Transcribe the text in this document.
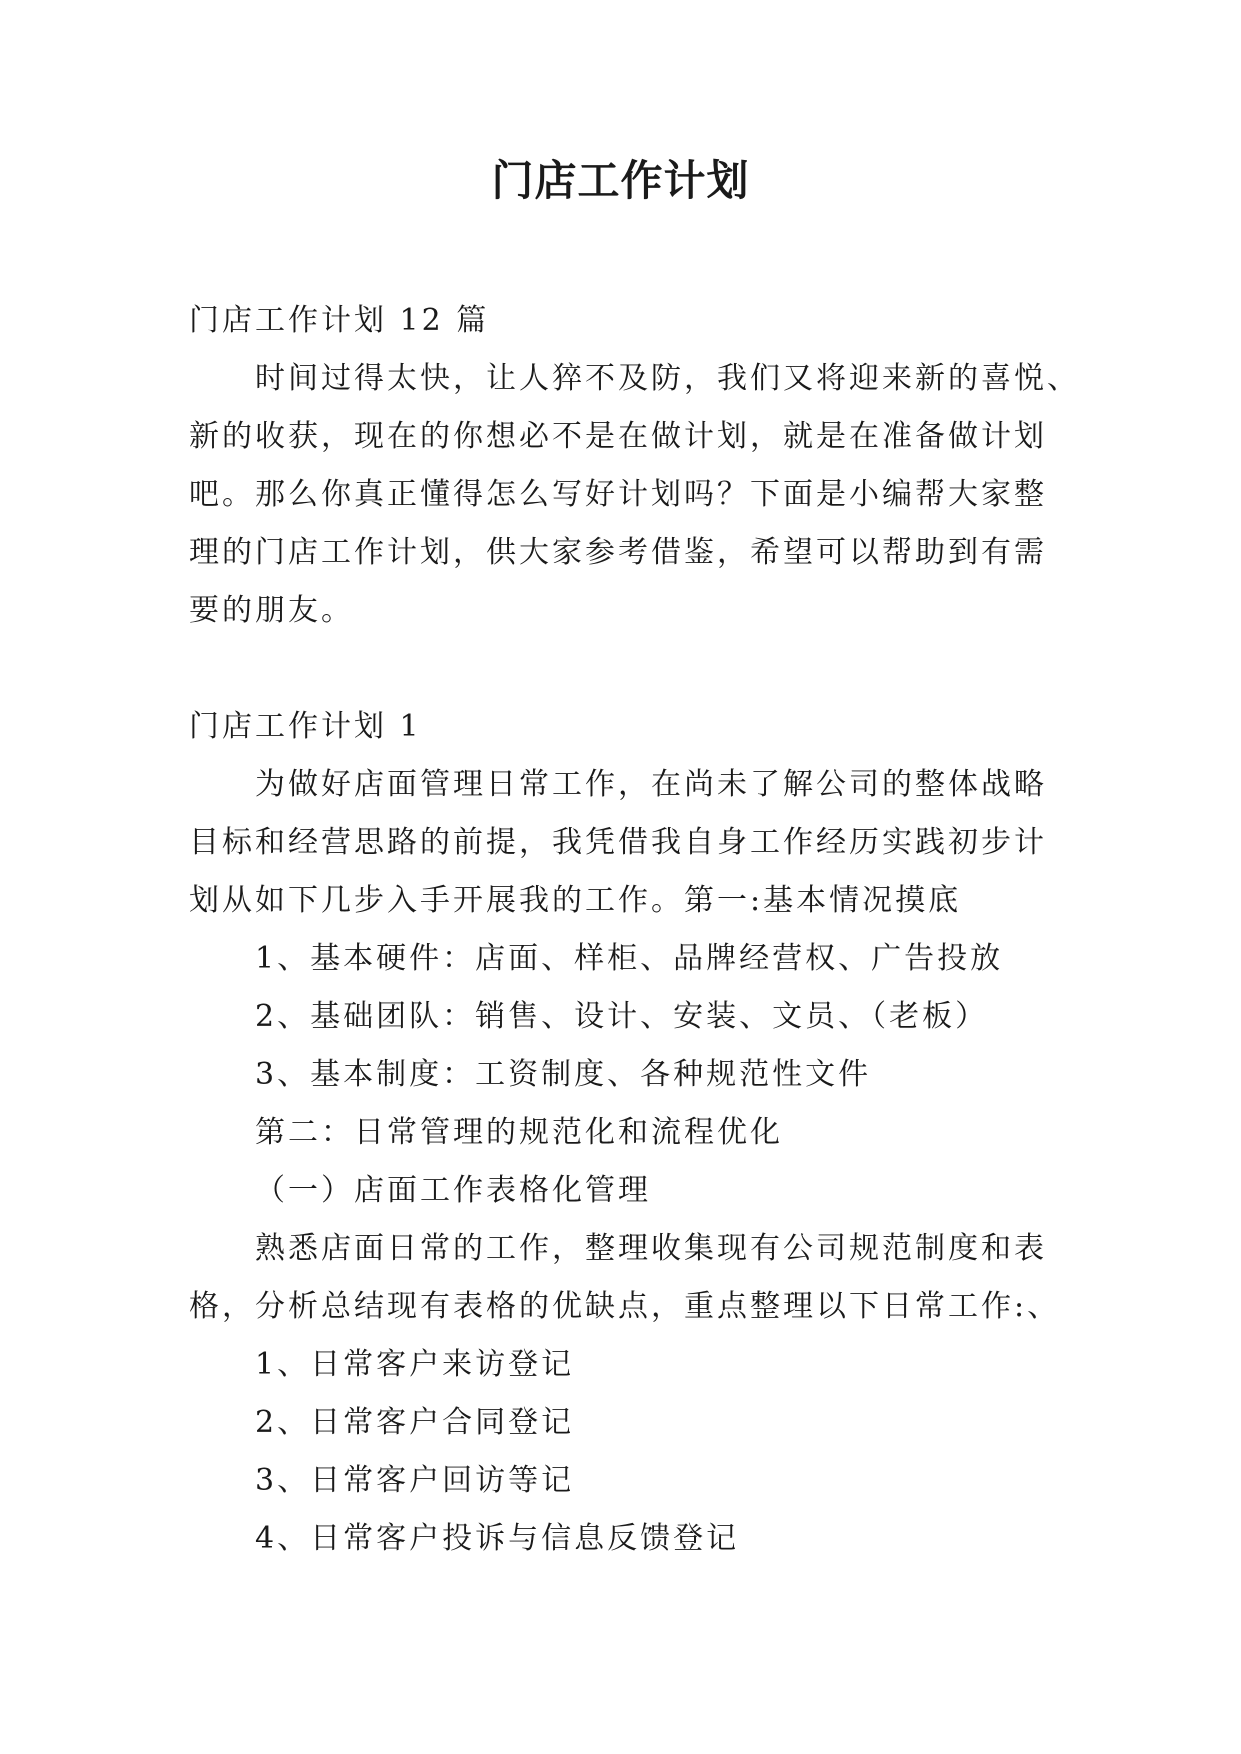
门店工作计划
门店工作计划 12 篇
时间过得太快，让人猝不及防，我们又将迎来新的喜悦、
新的收获，现在的你想必不是在做计划，就是在准备做计划
吧。那么你真正懂得怎么写好计划吗？下面是小编帮大家整
理的门店工作计划，供大家参考借鉴，希望可以帮助到有需
要的朋友。
门店工作计划 1
为做好店面管理日常工作，在尚未了解公司的整体战略
目标和经营思路的前提，我凭借我自身工作经历实践初步计
划从如下几步入手开展我的工作。第一:基本情况摸底
1、基本硬件：店面、样柜、品牌经营权、广告投放
2、基础团队：销售、设计、安装、文员、（老板）
3、基本制度：工资制度、各种规范性文件
第二：日常管理的规范化和流程优化
（一）店面工作表格化管理
熟悉店面日常的工作，整理收集现有公司规范制度和表
格，分析总结现有表格的优缺点，重点整理以下日常工作:、
1、日常客户来访登记
2、日常客户合同登记
3、日常客户回访等记
4、日常客户投诉与信息反馈登记
